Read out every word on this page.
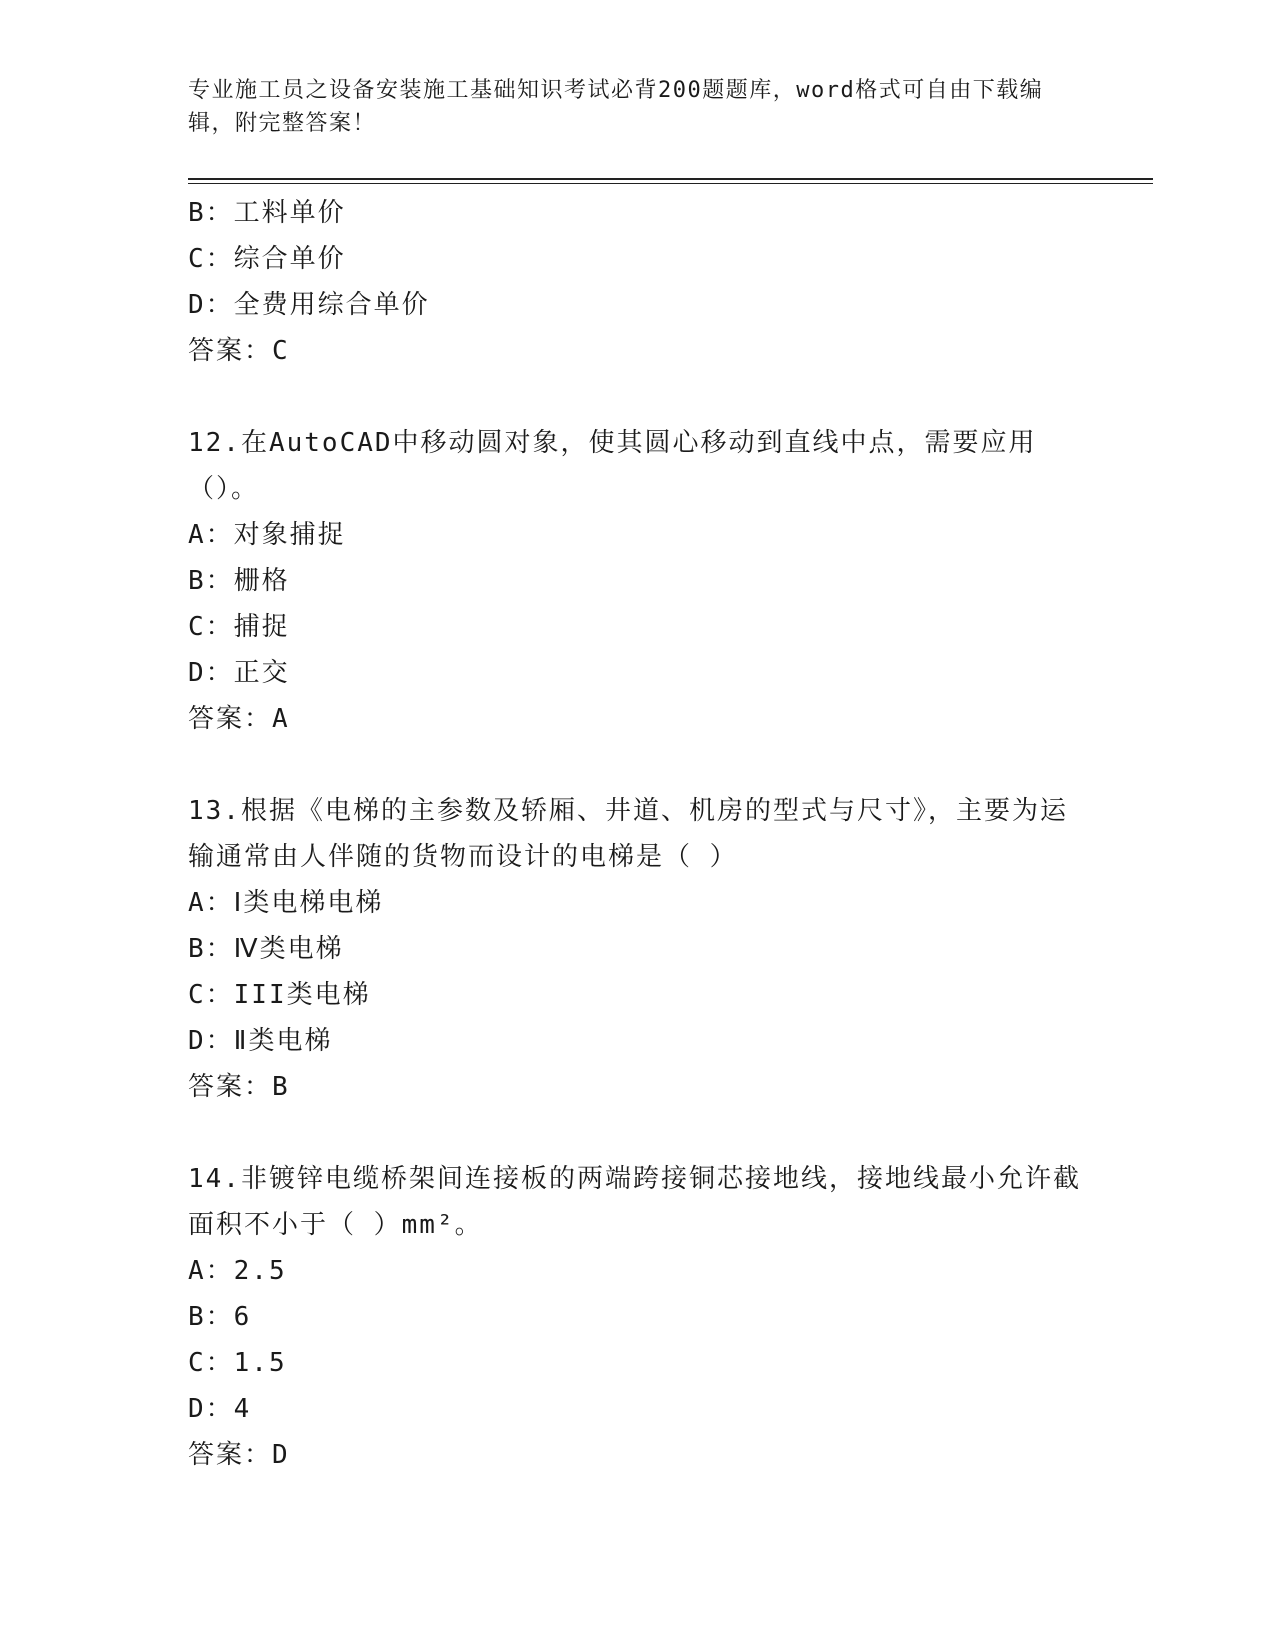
专业施工员之设备安装施工基础知识考试必背200题题库，word格式可自由下载编辑，附完整答案！
B：工料单价
C：综合单价
D：全费用综合单价
答案：C
12.在AutoCAD中移动圆对象，使其圆心移动到直线中点，需要应用（）。
A：对象捕捉
B：栅格
C：捕捉
D：正交
答案：A
13.根据《电梯的主参数及轿厢、井道、机房的型式与尺寸》，主要为运输通常由人伴随的货物而设计的电梯是（ ）
A：Ⅰ类电梯电梯
B：Ⅳ类电梯
C：III类电梯
D：Ⅱ类电梯
答案：B
14.非镀锌电缆桥架间连接板的两端跨接铜芯接地线，接地线最小允许截面积不小于（ ）mm²。
A：2.5
B：6
C：1.5
D：4
答案：D
